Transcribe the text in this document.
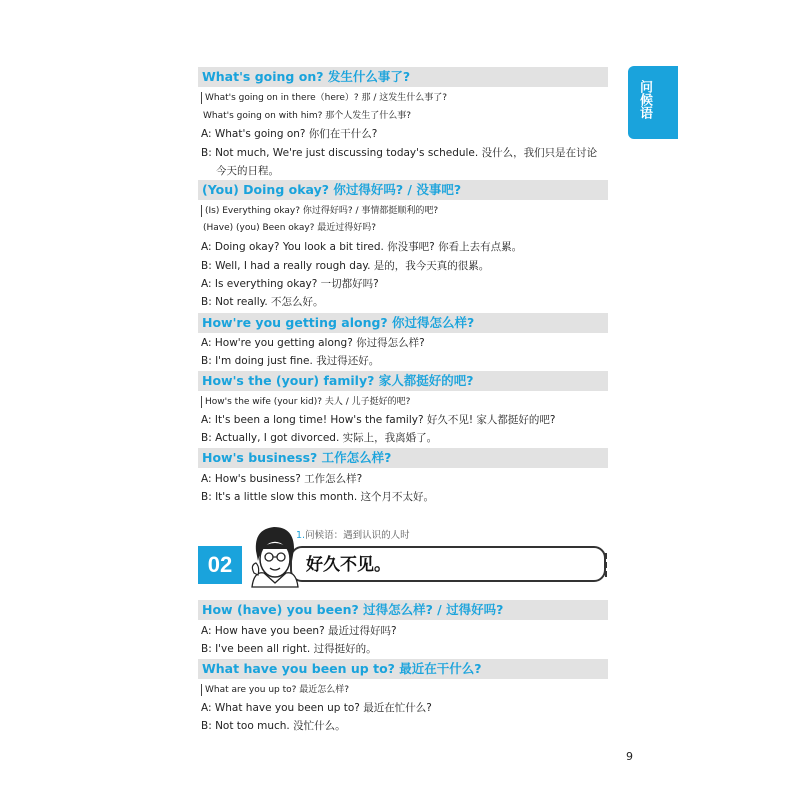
问候语
What's going on? 发生什么事了?
What's going on in there（here）? 那 / 这发生什么事了?
What's going on with him? 那个人发生了什么事?
A: What's going on? 你们在干什么?
B: Not much, We're just discussing today's schedule. 没什么，我们只是在讨论
今天的日程。
(You) Doing okay? 你过得好吗? / 没事吧?
(Is) Everything okay? 你过得好吗? / 事情都挺顺利的吧?
(Have) (you) Been okay? 最近过得好吗?
A: Doing okay? You look a bit tired. 你没事吧? 你看上去有点累。
B: Well, I had a really rough day. 是的，我今天真的很累。
A: Is everything okay? 一切都好吗?
B: Not really. 不怎么好。
How're you getting along? 你过得怎么样?
A: How're you getting along? 你过得怎么样?
B: I'm doing just fine. 我过得还好。
How's the (your) family? 家人都挺好的吧?
How's the wife (your kid)? 夫人 / 儿子挺好的吧?
A: It's been a long time! How's the family? 好久不见! 家人都挺好的吧?
B: Actually, I got divorced. 实际上，我离婚了。
How's business? 工作怎么样?
A: How's business? 工作怎么样?
B: It's a little slow this month. 这个月不太好。
1.问候语：遇到认识的人时
02	好久不见。
How (have) you been? 过得怎么样? / 过得好吗?
A: How have you been? 最近过得好吗?
B: I've been all right. 过得挺好的。
What have you been up to? 最近在干什么?
What are you up to? 最近怎么样?
A: What have you been up to? 最近在忙什么?
B: Not too much. 没忙什么。
9
